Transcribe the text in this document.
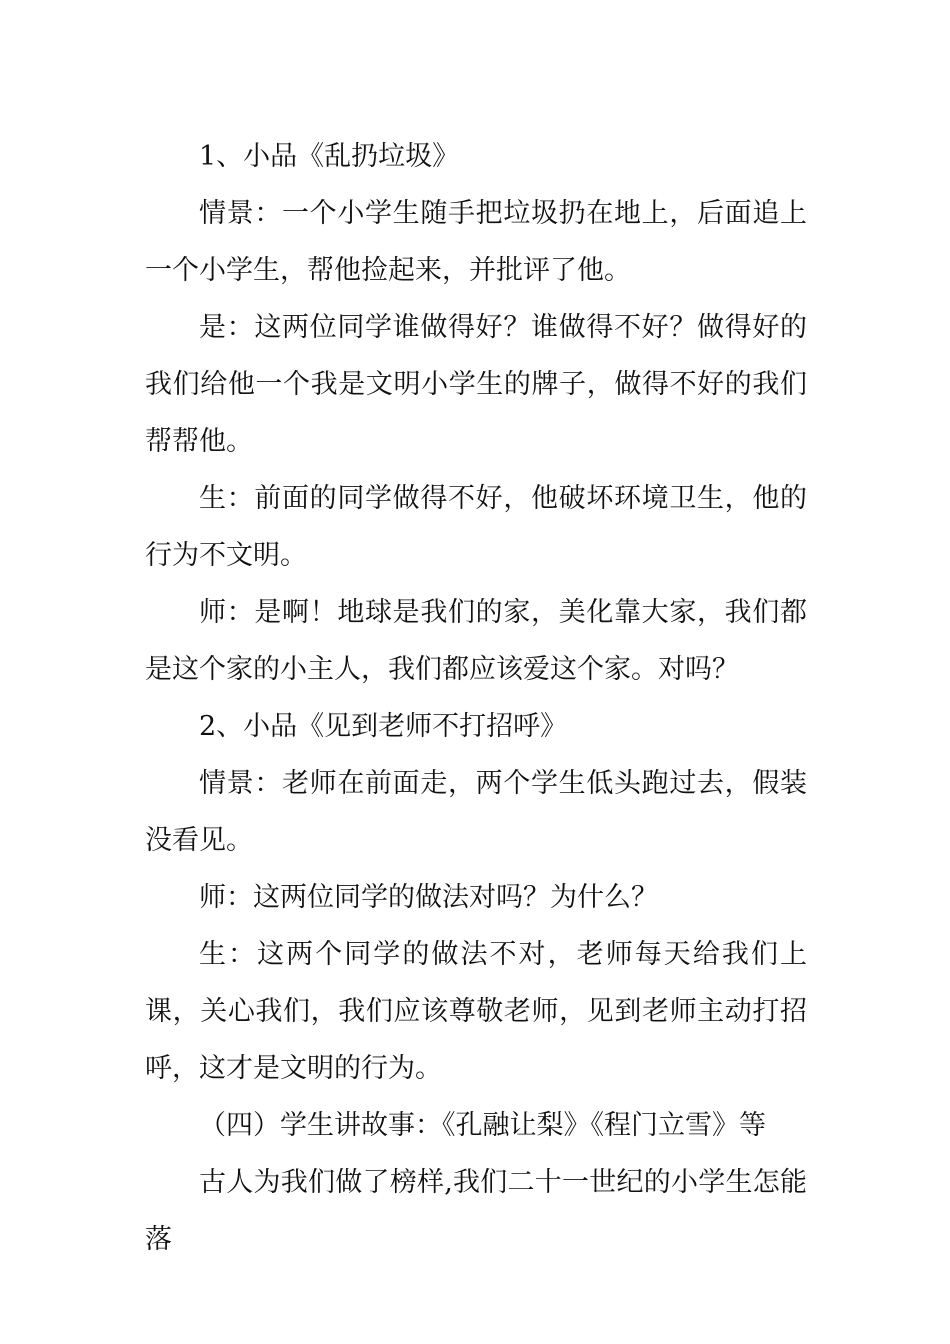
1、小品《乱扔垃圾》

情景：一个小学生随手把垃圾扔在地上，后面追上一个小学生，帮他捡起来，并批评了他。

是：这两位同学谁做得好？谁做得不好？做得好的我们给他一个我是文明小学生的牌子，做得不好的我们帮帮他。

生：前面的同学做得不好，他破坏环境卫生，他的行为不文明。

师：是啊！地球是我们的家，美化靠大家，我们都是这个家的小主人，我们都应该爱这个家。对吗？

2、小品《见到老师不打招呼》

情景：老师在前面走，两个学生低头跑过去，假装没看见。

师：这两位同学的做法对吗？为什么？

生：这两个同学的做法不对，老师每天给我们上课，关心我们，我们应该尊敬老师，见到老师主动打招呼，这才是文明的行为。

（四）学生讲故事：《孔融让梨》《程门立雪》等

古人为我们做了榜样,我们二十一世纪的小学生怎能落
